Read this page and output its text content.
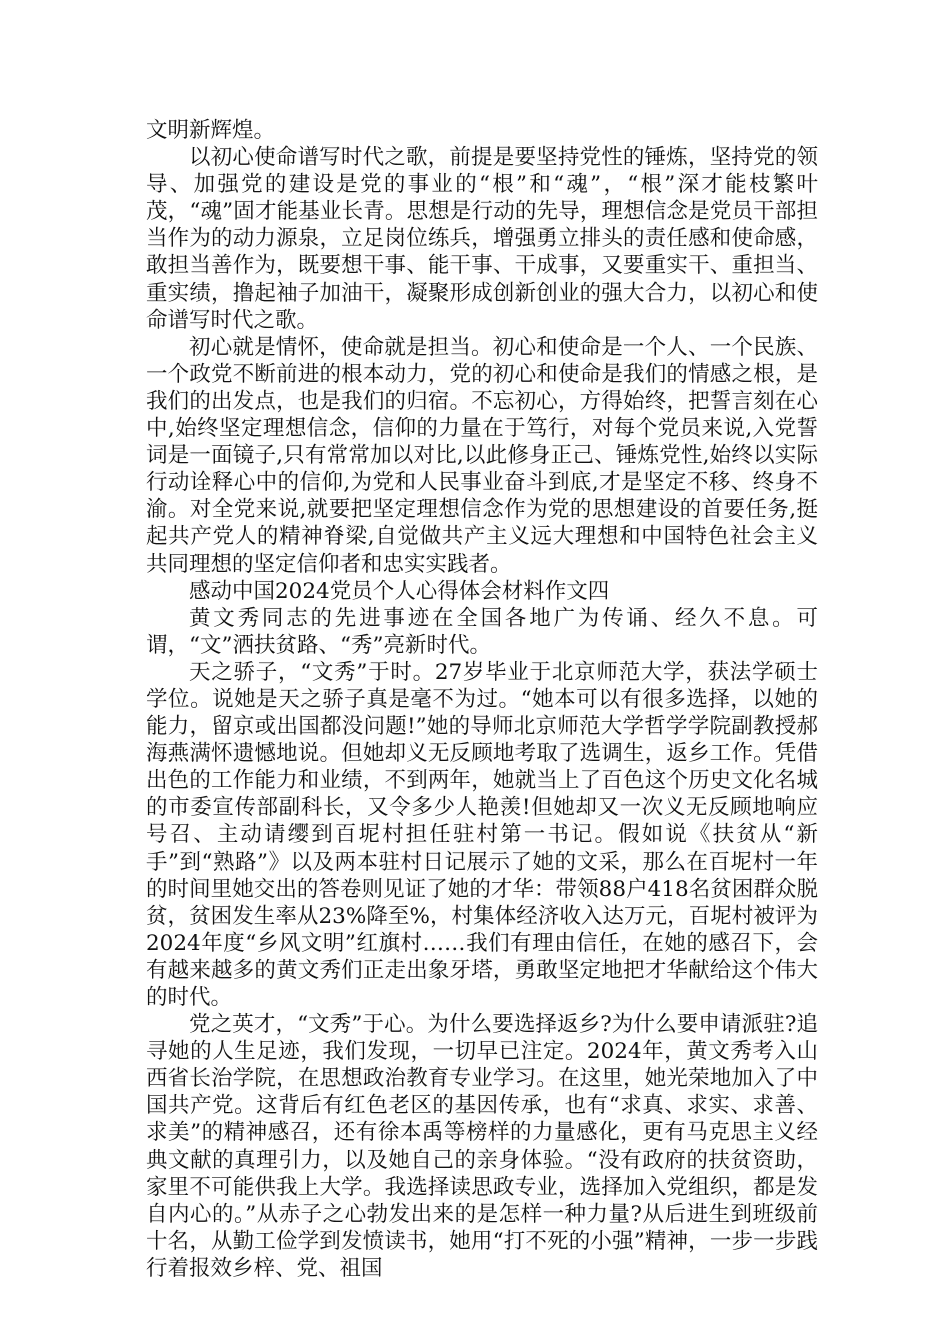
文明新辉煌。

以初心使命谱写时代之歌，前提是要坚持党性的锤炼，坚持党的领导、加强党的建设是党的事业的“根”和“魂”，“根”深才能枝繁叶茂，“魂”固才能基业长青。思想是行动的先导，理想信念是党员干部担当作为的动力源泉，立足岗位练兵，增强勇立排头的责任感和使命感，敢担当善作为，既要想干事、能干事、干成事，又要重实干、重担当、重实绩，撸起袖子加油干，凝聚形成创新创业的强大合力，以初心和使命谱写时代之歌。

初心就是情怀，使命就是担当。初心和使命是一个人、一个民族、一个政党不断前进的根本动力，党的初心和使命是我们的情感之根，是我们的出发点，也是我们的归宿。不忘初心，方得始终，把誓言刻在心中,始终坚定理想信念，信仰的力量在于笃行，对每个党员来说,入党誓词是一面镜子,只有常常加以对比,以此修身正己、锤炼党性,始终以实际行动诠释心中的信仰,为党和人民事业奋斗到底,才是坚定不移、终身不渝。对全党来说,就要把坚定理想信念作为党的思想建设的首要任务,挺起共产党人的精神脊梁,自觉做共产主义远大理想和中国特色社会主义共同理想的坚定信仰者和忠实实践者。

感动中国2024党员个人心得体会材料作文四

黄文秀同志的先进事迹在全国各地广为传诵、经久不息。可谓，“文”洒扶贫路、“秀”亮新时代。

天之骄子，“文秀”于时。27岁毕业于北京师范大学，获法学硕士学位。说她是天之骄子真是毫不为过。“她本可以有很多选择，以她的能力，留京或出国都没问题!”她的导师北京师范大学哲学学院副教授郝海燕满怀遗憾地说。但她却义无反顾地考取了选调生，返乡工作。凭借出色的工作能力和业绩，不到两年，她就当上了百色这个历史文化名城的市委宣传部副科长，又令多少人艳羡!但她却又一次义无反顾地响应号召、主动请缨到百坭村担任驻村第一书记。假如说《扶贫从“新手”到“熟路”》以及两本驻村日记展示了她的文采，那么在百坭村一年的时间里她交出的答卷则见证了她的才华：带领88户418名贫困群众脱贫，贫困发生率从23%降至%，村集体经济收入达万元，百坭村被评为2024年度“乡风文明”红旗村……我们有理由信任，在她的感召下，会有越来越多的黄文秀们正走出象牙塔，勇敢坚定地把才华献给这个伟大的时代。

党之英才，“文秀”于心。为什么要选择返乡?为什么要申请派驻?追寻她的人生足迹，我们发现，一切早已注定。2024年，黄文秀考入山西省长治学院，在思想政治教育专业学习。在这里，她光荣地加入了中国共产党。这背后有红色老区的基因传承，也有“求真、求实、求善、求美”的精神感召，还有徐本禹等榜样的力量感化，更有马克思主义经典文献的真理引力，以及她自己的亲身体验。“没有政府的扶贫资助，家里不可能供我上大学。我选择读思政专业，选择加入党组织，都是发自内心的。”从赤子之心勃发出来的是怎样一种力量?从后进生到班级前十名，从勤工俭学到发愤读书，她用“打不死的小强”精神，一步一步践行着报效乡梓、党、祖国
